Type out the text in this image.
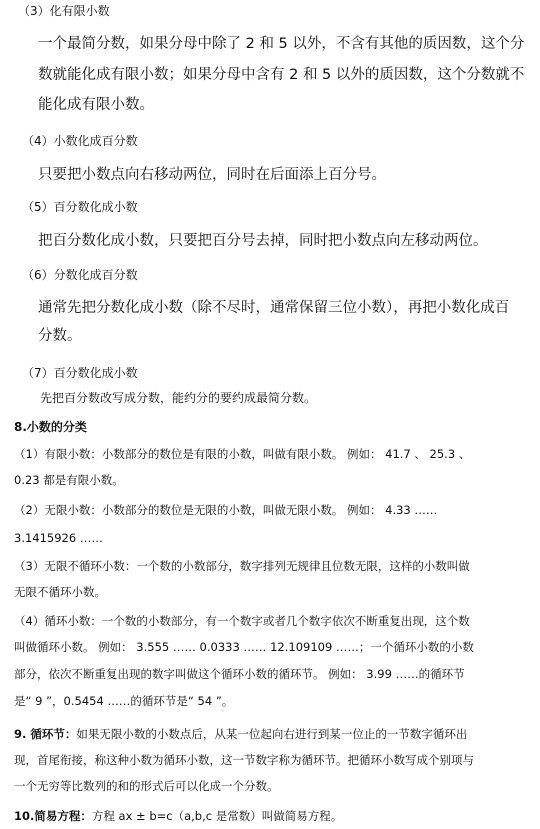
（3）化有限小数
一个最简分数，如果分母中除了 2 和 5 以外，不含有其他的质因数，这个分
数就能化成有限小数；如果分母中含有 2 和 5 以外的质因数，这个分数就不
能化成有限小数。
（4）小数化成百分数
只要把小数点向右移动两位，同时在后面添上百分号。
（5）百分数化成小数
把百分数化成小数，只要把百分号去掉，同时把小数点向左移动两位。
（6）分数化成百分数
通常先把分数化成小数（除不尽时，通常保留三位小数），再把小数化成百
分数。
（7）百分数化成小数
先把百分数改写成分数，能约分的要约成最简分数。
8.小数的分类
（1）有限小数：小数部分的数位是有限的小数，叫做有限小数。 例如： 41.7 、 25.3 、
0.23 都是有限小数。
（2）无限小数：小数部分的数位是无限的小数，叫做无限小数。 例如： 4.33 ……
3.1415926 ……
（3）无限不循环小数：一个数的小数部分，数字排列无规律且位数无限，这样的小数叫做
无限不循环小数。
（4）循环小数：一个数的小数部分，有一个数字或者几个数字依次不断重复出现，这个数
叫做循环小数。 例如： 3.555 …… 0.0333 …… 12.109109 ……；一个循环小数的小数
部分，依次不断重复出现的数字叫做这个循环小数的循环节。 例如： 3.99 ……的循环节
是“ 9 ”，0.5454 ……的循环节是“ 54 ”。
9. 循环节：如果无限小数的小数点后，从某一位起向右进行到某一位止的一节数字循环出
现，首尾衔接，称这种小数为循环小数，这一节数字称为循环节。把循环小数写成个别项与
一个无穷等比数列的和的形式后可以化成一个分数。
10.简易方程：方程 ax ± b=c（a,b,c 是常数）叫做简易方程。
